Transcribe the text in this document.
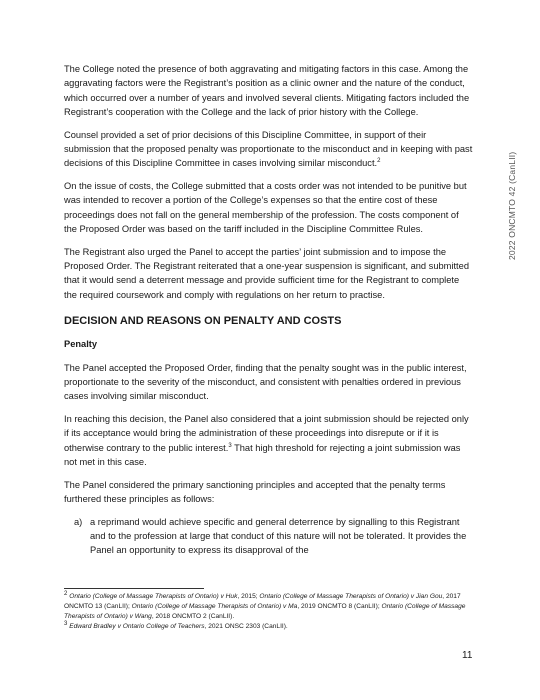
2022 ONCMTO 42 (CanLII)

The College noted the presence of both aggravating and mitigating factors in this case. Among the aggravating factors were the Registrant’s position as a clinic owner and the nature of the conduct, which occurred over a number of years and involved several clients. Mitigating factors included the Registrant’s cooperation with the College and the lack of prior history with the College.

Counsel provided a set of prior decisions of this Discipline Committee, in support of their submission that the proposed penalty was proportionate to the misconduct and in keeping with past decisions of this Discipline Committee in cases involving similar misconduct.$^2$

On the issue of costs, the College submitted that a costs order was not intended to be punitive but was intended to recover a portion of the College’s expenses so that the entire cost of these proceedings does not fall on the general membership of the profession. The costs component of the Proposed Order was based on the tariff included in the Discipline Committee Rules.

The Registrant also urged the Panel to accept the parties’ joint submission and to impose the Proposed Order. The Registrant reiterated that a one-year suspension is significant, and submitted that it would send a deterrent message and provide sufficient time for the Registrant to complete the required coursework and comply with regulations on her return to practise.

DECISION AND REASONS ON PENALTY AND COSTS
Penalty

The Panel accepted the Proposed Order, finding that the penalty sought was in the public interest, proportionate to the severity of the misconduct, and consistent with penalties ordered in previous cases involving similar misconduct.

In reaching this decision, the Panel also considered that a joint submission should be rejected only if its acceptance would bring the administration of these proceedings into disrepute or if it is otherwise contrary to the public interest.$^3$ That high threshold for rejecting a joint submission was not met in this case.

The Panel considered the primary sanctioning principles and accepted that the penalty terms furthered these principles as follows:

a) a reprimand would achieve specific and general deterrence by signalling to this Registrant and to the profession at large that conduct of this nature will not be tolerated. It provides the Panel an opportunity to express its disapproval of the

$^2$ Ontario (College of Massage Therapists of Ontario) v Huk, 2015; Ontario (College of Massage Therapists of Ontario) v Jian Gou, 2017 ONCMTO 13 (CanLII); Ontario (College of Massage Therapists of Ontario) v Ma, 2019 ONCMTO 8 (CanLII); Ontario (College of Massage Therapists of Ontario) v Wang, 2018 ONCMTO 2 (CanLII).

$^3$ Edward Bradley v Ontario College of Teachers, 2021 ONSC 2303 (CanLII).

11
